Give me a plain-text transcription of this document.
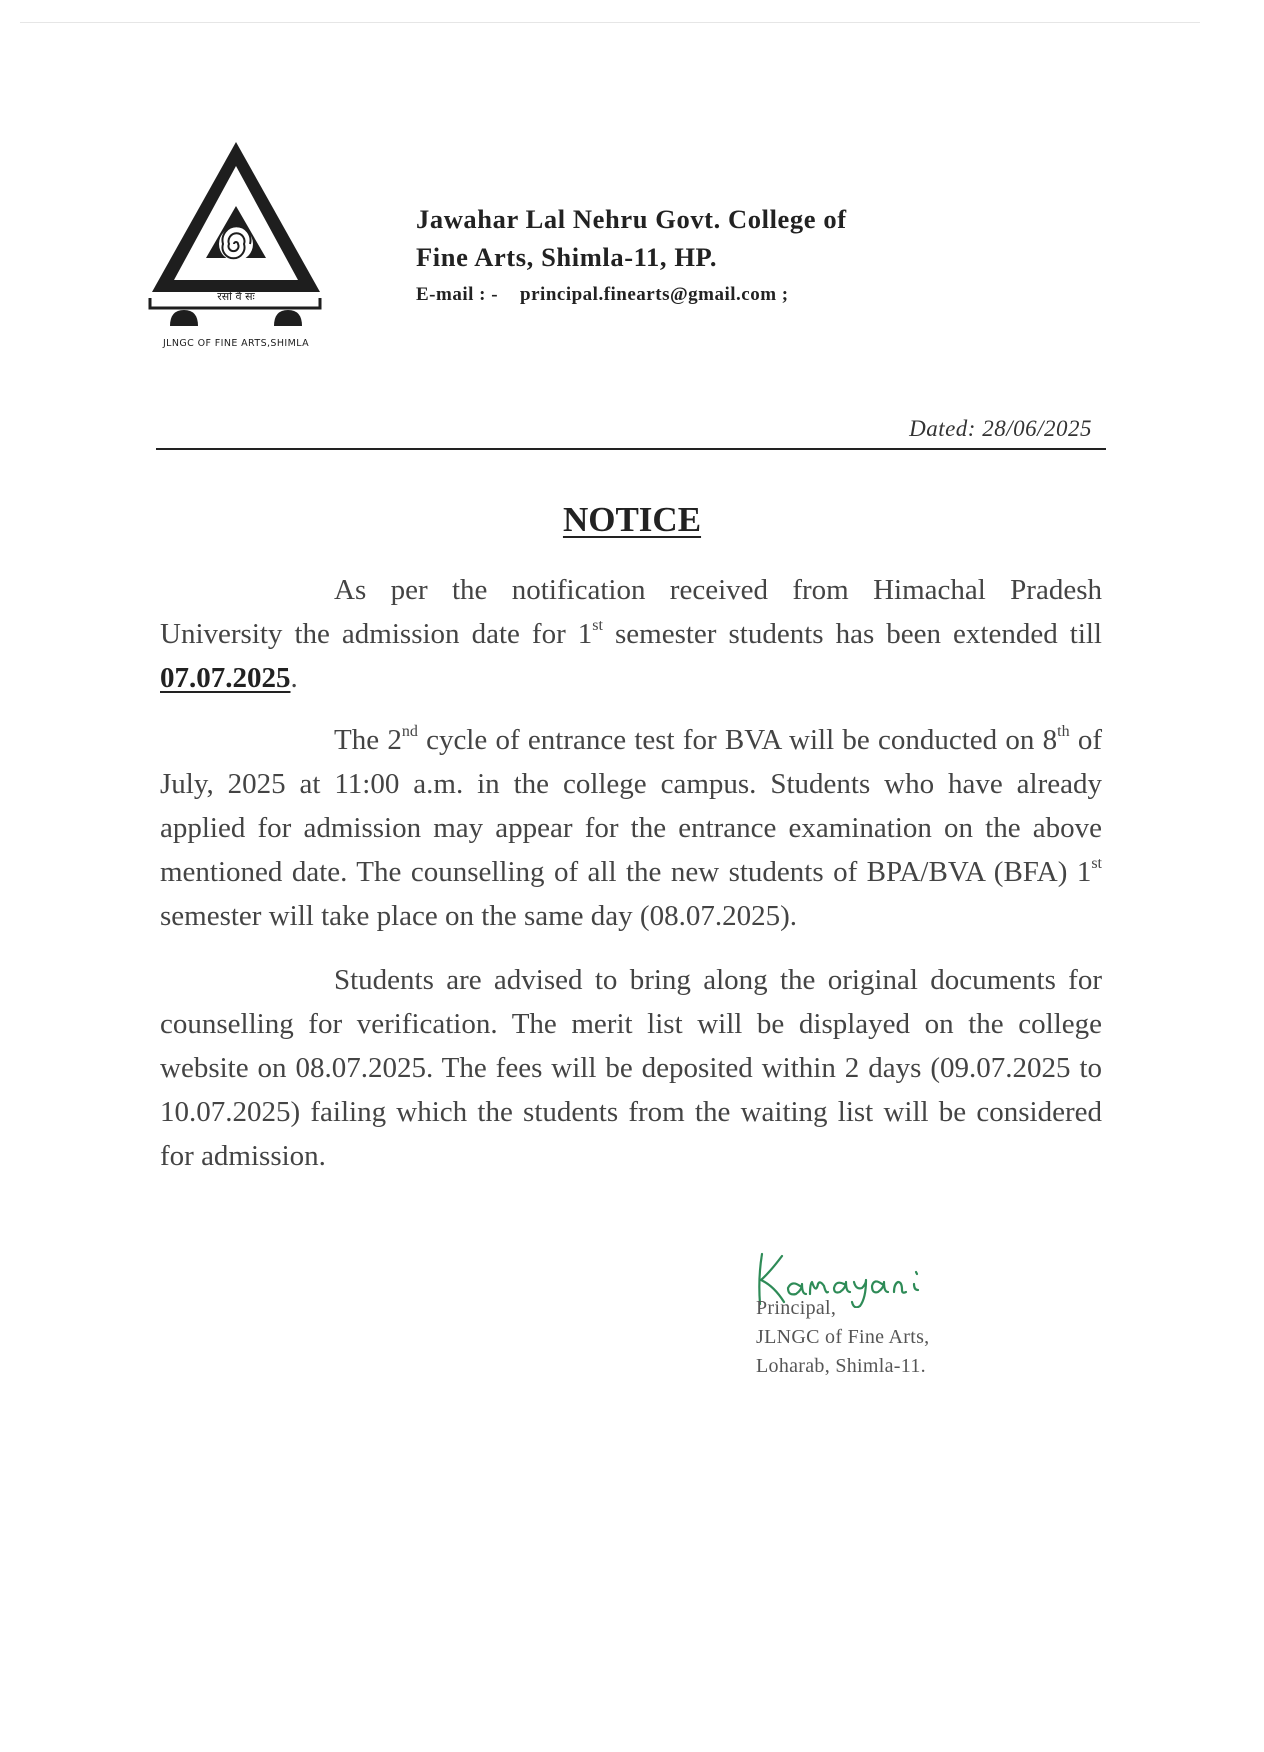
रसो वै सः
JLNGC OF FINE ARTS,SHIMLA
Jawahar Lal Nehru Govt. College of
Fine Arts, Shimla-11, HP.
E-mail : - principal.finearts@gmail.com ;
Dated: 28/06/2025
NOTICE

As per the notification received from Himachal Pradesh University the admission date for 1st semester students has been extended till 07.07.2025.

The 2nd cycle of entrance test for BVA will be conducted on 8th of July, 2025 at 11:00 a.m. in the college campus. Students who have already applied for admission may appear for the entrance examination on the above mentioned date. The counselling of all the new students of BPA/BVA (BFA) 1st semester will take place on the same day (08.07.2025).

Students are advised to bring along the original documents for counselling for verification. The merit list will be displayed on the college website on 08.07.2025. The fees will be deposited within 2 days (09.07.2025 to 10.07.2025) failing which the students from the waiting list will be considered for admission.

Principal,
JLNGC of Fine Arts,
Loharab, Shimla-11.
